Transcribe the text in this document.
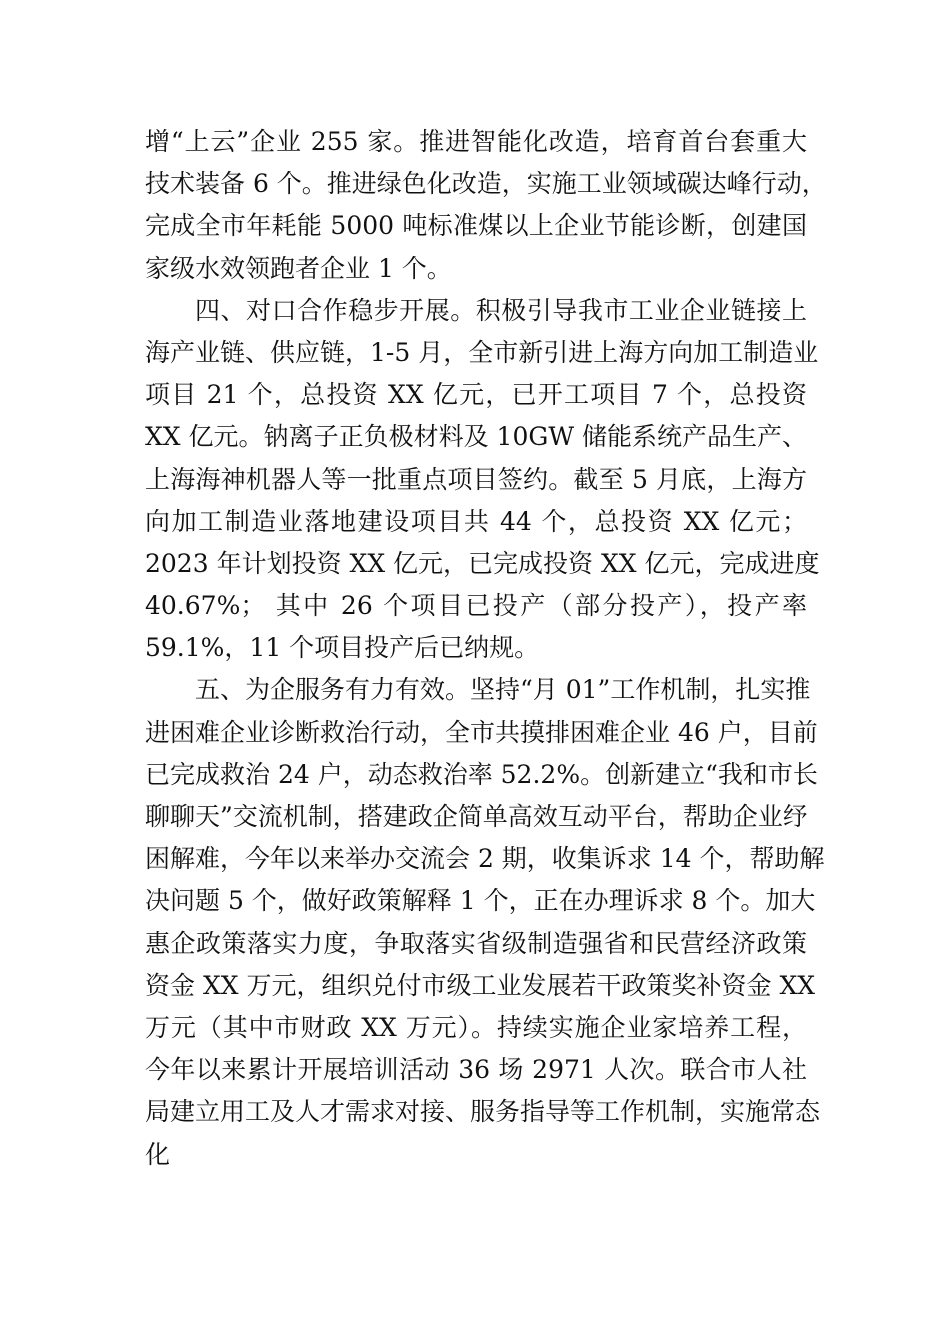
增“上云”企业 255 家。推进智能化改造，培育首台套重大
技术装备 6 个。推进绿色化改造，实施工业领域碳达峰行动，
完成全市年耗能 5000 吨标准煤以上企业节能诊断，创建国
家级水效领跑者企业 1 个。
四、对口合作稳步开展。积极引导我市工业企业链接上
海产业链、供应链，1-5 月，全市新引进上海方向加工制造业
项目 21 个，总投资 XX 亿元，已开工项目 7 个，总投资
XX 亿元。钠离子正负极材料及 10GW 储能系统产品生产、
上海海神机器人等一批重点项目签约。截至 5 月底，上海方
向加工制造业落地建设项目共 44 个，总投资 XX 亿元；
2023 年计划投资 XX 亿元，已完成投资 XX 亿元，完成进度
40.67%； 其中 26 个项目已投产（部分投产），投产率
59.1%，11 个项目投产后已纳规。
五、为企服务有力有效。坚持“月 01”工作机制，扎实推
进困难企业诊断救治行动，全市共摸排困难企业 46 户，目前
已完成救治 24 户，动态救治率 52.2%。创新建立“我和市长
聊聊天”交流机制，搭建政企简单高效互动平台，帮助企业纾
困解难，今年以来举办交流会 2 期，收集诉求 14 个，帮助解
决问题 5 个，做好政策解释 1 个，正在办理诉求 8 个。加大
惠企政策落实力度，争取落实省级制造强省和民营经济政策
资金 XX 万元，组织兑付市级工业发展若干政策奖补资金 XX
万元（其中市财政 XX 万元）。持续实施企业家培养工程，
今年以来累计开展培训活动 36 场 2971 人次。联合市人社
局建立用工及人才需求对接、服务指导等工作机制，实施常态
化
